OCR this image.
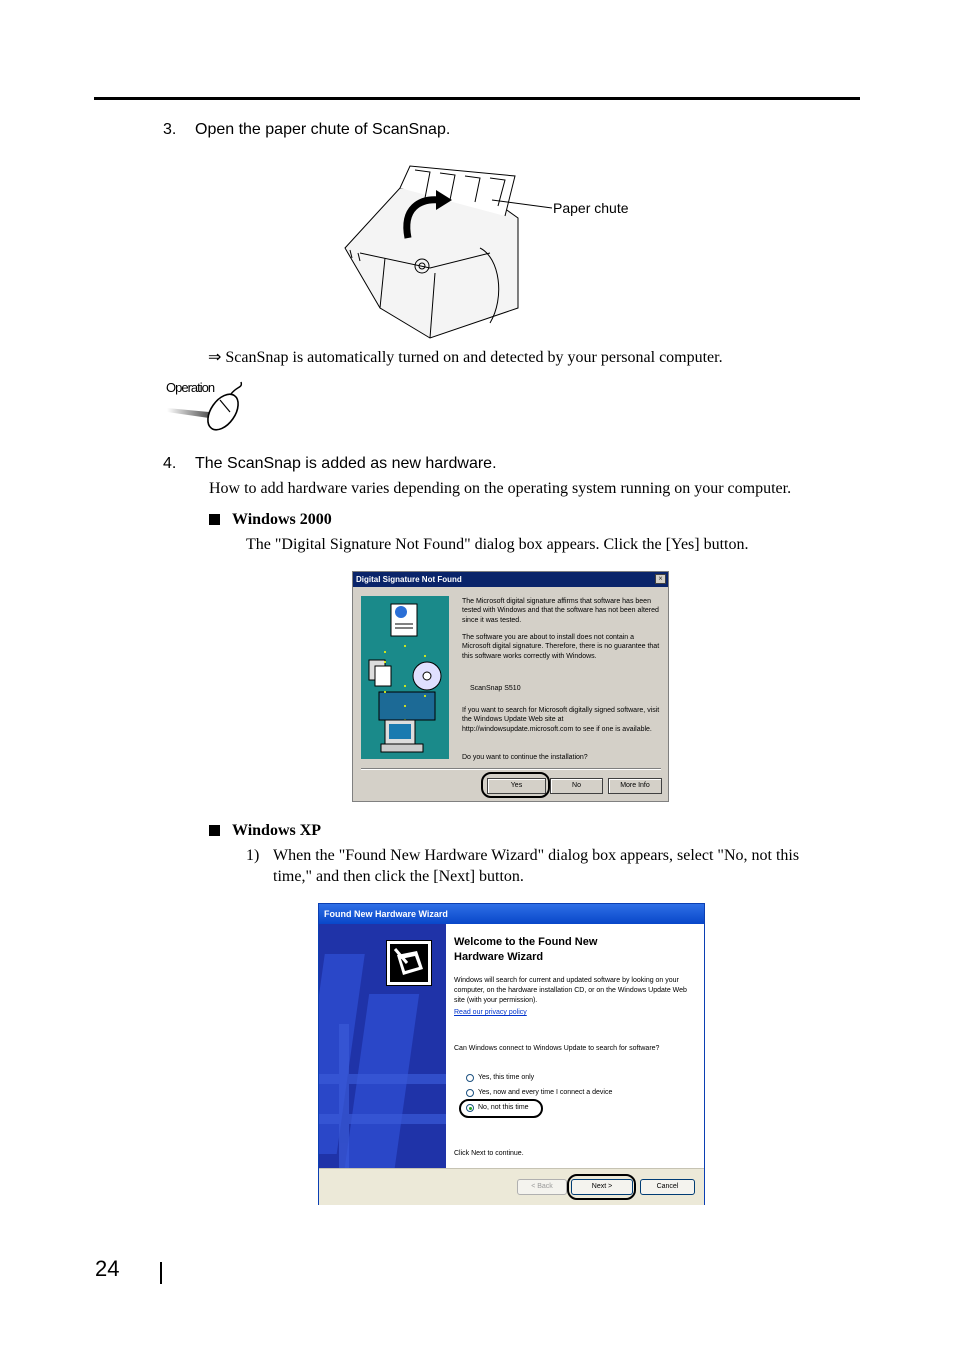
3. Open the paper chute of ScanSnap.
Paper chute
⇒ ScanSnap is automatically turned on and detected by your personal computer.
Operation
4. The ScanSnap is added as new hardware.
How to add hardware varies depending on the operating system running on your computer.
Windows 2000
The "Digital Signature Not Found" dialog box appears. Click the [Yes] button.
Digital Signature Not Found	×
The Microsoft digital signature affirms that software has been tested with Windows and that the software has not been altered since it was tested.
The software you are about to install does not contain a Microsoft digital signature. Therefore, there is no guarantee that this software works correctly with Windows.
ScanSnap S510
If you want to search for Microsoft digitally signed software, visit the Windows Update Web site at http://windowsupdate.microsoft.com to see if one is available.
Do you want to continue the installation?
Yes	No	More Info
Windows XP
1) When the "Found New Hardware Wizard" dialog box appears, select "No, not this
time," and then click the [Next] button.
Found New Hardware Wizard
Welcome to the Found New
Hardware Wizard
Windows will search for current and updated software by looking on your computer, on the hardware installation CD, or on the Windows Update Web site (with your permission).
Read our privacy policy
Can Windows connect to Windows Update to search for software?
Yes, this time only
Yes, now and every time I connect a device
No, not this time
Click Next to continue.
< Back	Next >	Cancel
24
